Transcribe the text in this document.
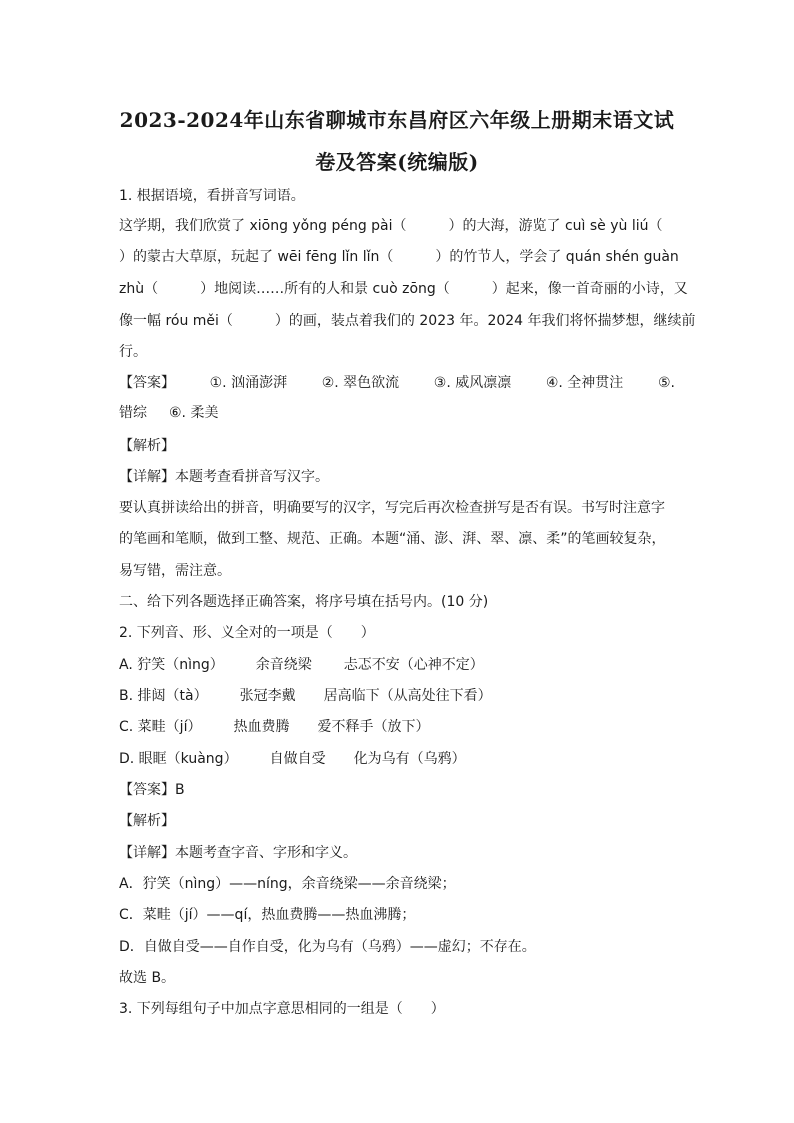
2023-2024年山东省聊城市东昌府区六年级上册期末语文试
卷及答案(统编版)
1. 根据语境，看拼音写词语。
这学期，我们欣赏了 xiōng yǒng péng pài（　　　）的大海，游览了 cuì sè yù liú（
）的蒙古大草原，玩起了 wēi fēng lǐn lǐn（　　　）的竹节人，学会了 quán shén guàn
zhù（　　　）地阅读……所有的人和景 cuò zōng（　　　）起来，像一首奇丽的小诗，又
像一幅 róu měi（　　　）的画，装点着我们的 2023 年。2024 年我们将怀揣梦想，继续前
行。
【答案】 ①. 汹涌澎湃 ②. 翠色欲流 ③. 威风凛凛 ④. 全神贯注 ⑤.
错综 ⑥. 柔美
【解析】
【详解】本题考查看拼音写汉字。
要认真拼读给出的拼音，明确要写的汉字，写完后再次检查拼写是否有误。书写时注意字
的笔画和笔顺，做到工整、规范、正确。本题“涌、澎、湃、翠、凛、柔”的笔画较复杂，
易写错，需注意。
二、给下列各题选择正确答案，将序号填在括号内。(10 分)
2. 下列音、形、义全对的一项是（　　）
A. 狞笑（nìng） 余音绕梁 忐忑不安（心神不定）
B. 排闼（tà） 张冠李戴 居高临下（从高处往下看）
C. 菜畦（jí） 热血费腾 爱不释手（放下）
D. 眼眶（kuàng） 自做自受 化为乌有（乌鸦）
【答案】B
【解析】
【详解】本题考查字音、字形和字义。
A．狞笑（nìng）——níng，余音绕梁——余音绕梁；
C．菜畦（jí）——qí，热血费腾——热血沸腾；
D．自做自受——自作自受，化为乌有（乌鸦）——虚幻；不存在。
故选 B。
3. 下列每组句子中加点字意思相同的一组是（　　）
